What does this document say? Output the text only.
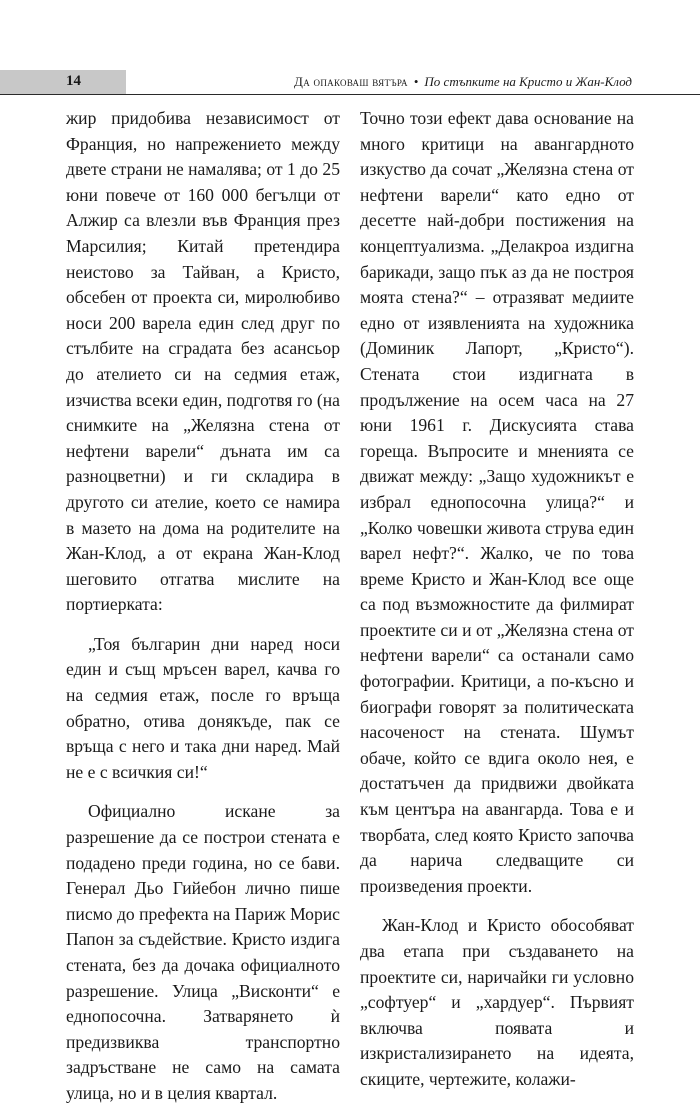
14	Да опаковаш вятъра • По стъпките на Кристо и Жан-Клод

жир придобива независимост от Франция, но напрежението между двете страни не намалява; от 1 до 25 юни повече от 160 000 бегълци от Алжир са влезли във Франция през Марсилия; Китай претендира неистово за Тайван, а Кристо, обсебен от проекта си, миролюбиво носи 200 варела един след друг по стълбите на сградата без асансьор до ателиeто си на седмия етаж, изчиства всеки един, подготвя го (на снимките на „Желязна стена от нефтени варели“ дъната им са разноцветни) и ги складира в другото си ателие, което се намира в мазето на дома на родителите на Жан-Клод, а от екрана Жан-Клод шеговито отгатва мислите на портиерката:

„Тоя българин дни наред носи един и същ мръсен варел, качва го на седмия етаж, после го връща обратно, отива донякъде, пак се връща с него и така дни наред. Май не е с всичкия си!“

Официално искане за разрешение да се построи стената е подадено преди година, но се бави. Генерал Дьо Гийебон лично пише писмо до префекта на Париж Морис Папон за съдействие. Кристо издига стената, без да дочака официалното разрешение. Улица „Висконти“ е еднопосочна. Затварянето ѝ предизвиква транспортно задръстване не само на самата улица, но и в целия квартал.

Точно този ефект дава основание на много критици на авангардното изкуство да сочат „Желязна стена от нефтени варели“ като едно от десетте най-добри постижения на концептуализма. „Делакроа издигна барикади, защо пък аз да не построя моята стена?“ – отразяват медиите едно от изявленията на художника (Доминик Лапорт, „Кристо“). Стената стои издигната в продължение на осем часа на 27 юни 1961 г. Дискусията става гореща. Въпросите и мненията се движат между: „Защо художникът е избрал еднопосочна улица?“ и „Колко човешки живота струва един варел нефт?“. Жалко, че по това време Кристо и Жан-Клод все още са под възможностите да филмират проектите си и от „Желязна стена от нефтени варели“ са останали само фотографии. Критици, а по-късно и биографи говорят за политическата насоченост на стената. Шумът обаче, който се вдига около нея, е достатъчен да придвижи двойката към центъра на авангарда. Това е и творбата, след която Кристо започва да нарича следващите си произведения проекти.

Жан-Клод и Кристо обособяват два етапа при създаването на проектите си, наричайки ги условно „софтуер“ и „хардуер“. Първият включва появата и изкристализирането на идеята, скиците, чертежите, колажи-
